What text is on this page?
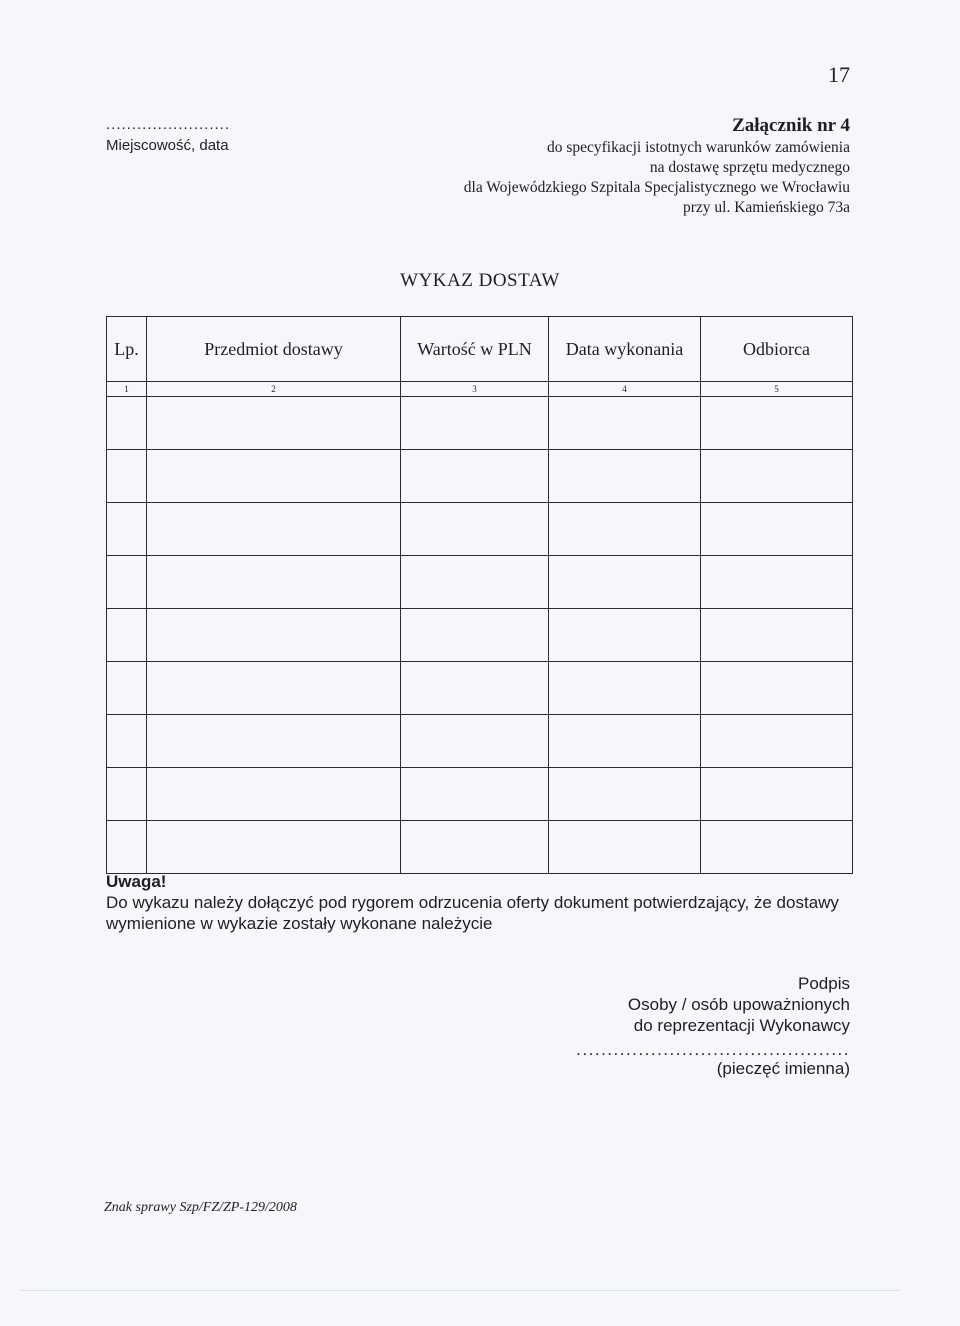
17
........................
Miejscowość, data
Załącznik nr 4
do specyfikacji istotnych warunków zamówienia
na dostawę sprzętu medycznego
dla Wojewódzkiego Szpitala Specjalistycznego we Wrocławiu
przy ul. Kamieńskiego 73a
WYKAZ DOSTAW
Lp.	Przedmiot dostawy	Wartość w PLN	Data wykonania	Odbiorca
1	2	3	4	5

Uwaga!
Do wykazu należy dołączyć pod rygorem odrzucenia oferty dokument potwierdzający, że dostawy wymienione w wykazie zostały wykonane należycie
Podpis
Osoby / osób upoważnionych
do reprezentacji Wykonawcy
............................................
(pieczęć imienna)
Znak sprawy Szp/FZ/ZP-129/2008
